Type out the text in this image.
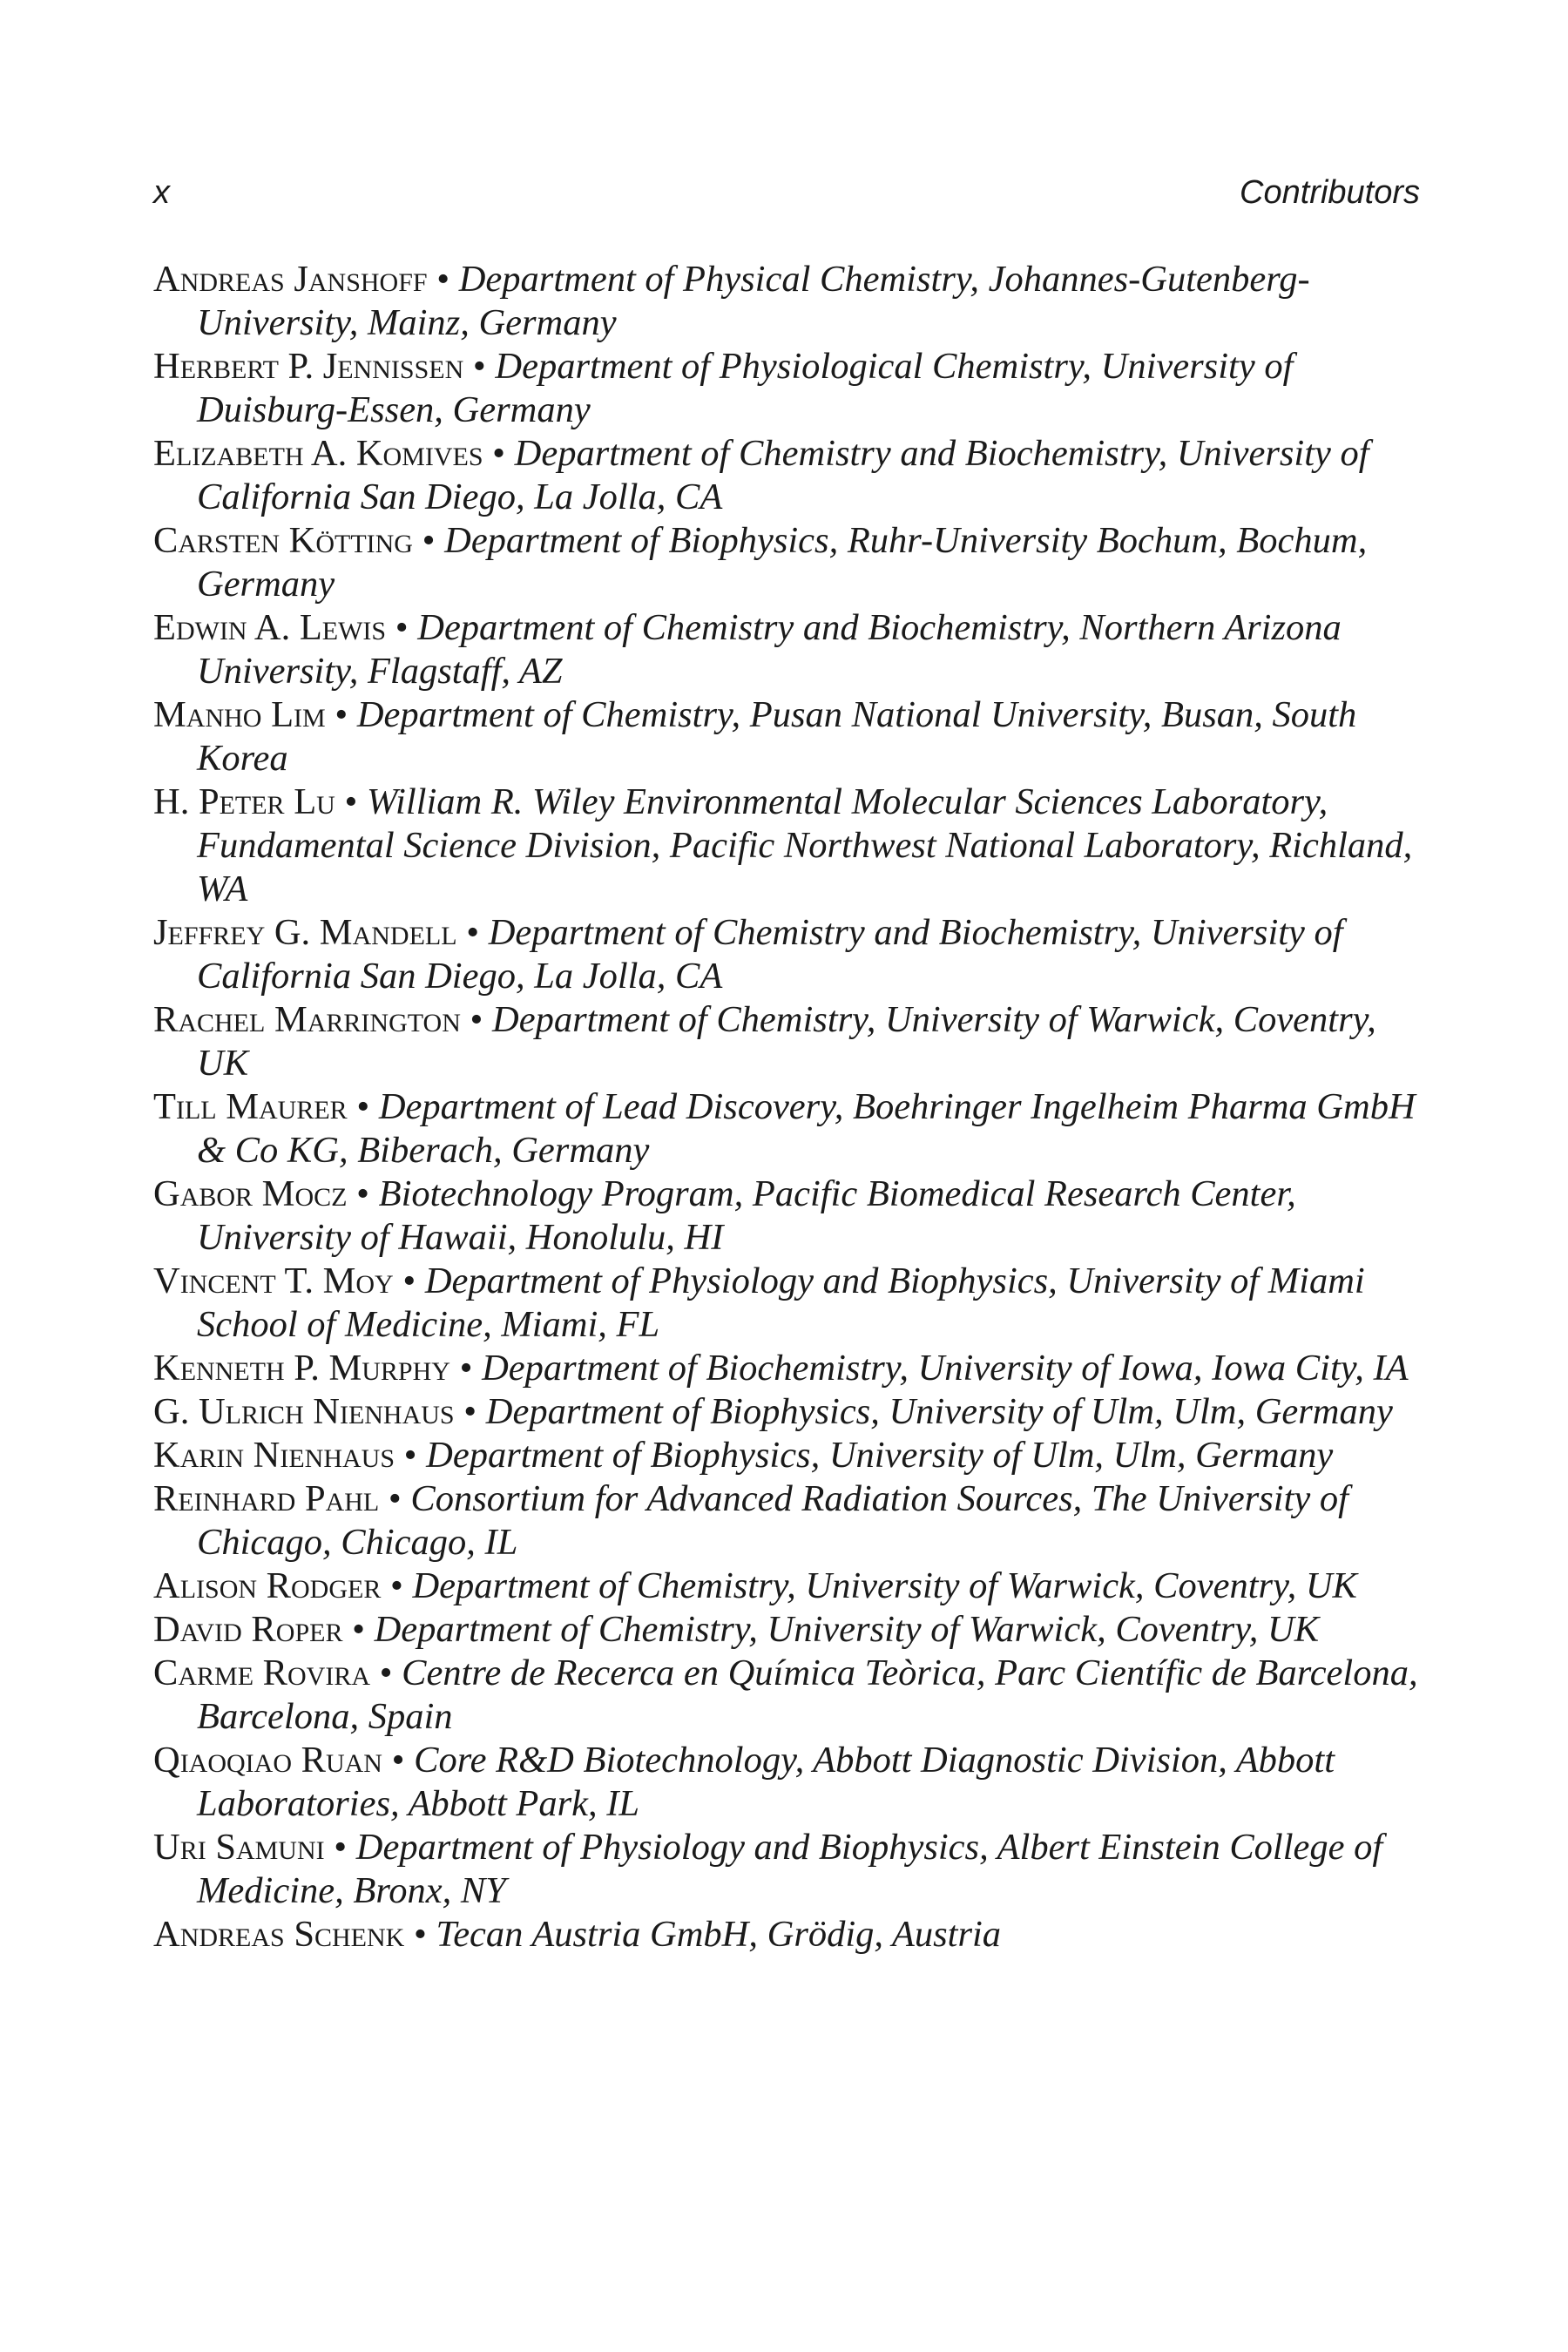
x	Contributors
Andreas Janshoff • Department of Physical Chemistry, Johannes-Gutenberg-University, Mainz, Germany
Herbert P. Jennissen • Department of Physiological Chemistry, University of Duisburg-Essen, Germany
Elizabeth A. Komives • Department of Chemistry and Biochemistry, University of California San Diego, La Jolla, CA
Carsten Kötting • Department of Biophysics, Ruhr-University Bochum, Bochum, Germany
Edwin A. Lewis • Department of Chemistry and Biochemistry, Northern Arizona University, Flagstaff, AZ
Manho Lim • Department of Chemistry, Pusan National University, Busan, South Korea
H. Peter Lu • William R. Wiley Environmental Molecular Sciences Laboratory, Fundamental Science Division, Pacific Northwest National Laboratory, Richland, WA
Jeffrey G. Mandell • Department of Chemistry and Biochemistry, University of California San Diego, La Jolla, CA
Rachel Marrington • Department of Chemistry, University of Warwick, Coventry, UK
Till Maurer • Department of Lead Discovery, Boehringer Ingelheim Pharma GmbH & Co KG, Biberach, Germany
Gabor Mocz • Biotechnology Program, Pacific Biomedical Research Center, University of Hawaii, Honolulu, HI
Vincent T. Moy • Department of Physiology and Biophysics, University of Miami School of Medicine, Miami, FL
Kenneth P. Murphy • Department of Biochemistry, University of Iowa, Iowa City, IA
G. Ulrich Nienhaus • Department of Biophysics, University of Ulm, Ulm, Germany
Karin Nienhaus • Department of Biophysics, University of Ulm, Ulm, Germany
Reinhard Pahl • Consortium for Advanced Radiation Sources, The University of Chicago, Chicago, IL
Alison Rodger • Department of Chemistry, University of Warwick, Coventry, UK
David Roper • Department of Chemistry, University of Warwick, Coventry, UK
Carme Rovira • Centre de Recerca en Química Teòrica, Parc Científic de Barcelona, Barcelona, Spain
Qiaoqiao Ruan • Core R&D Biotechnology, Abbott Diagnostic Division, Abbott Laboratories, Abbott Park, IL
Uri Samuni • Department of Physiology and Biophysics, Albert Einstein College of Medicine, Bronx, NY
Andreas Schenk • Tecan Austria GmbH, Grödig, Austria
